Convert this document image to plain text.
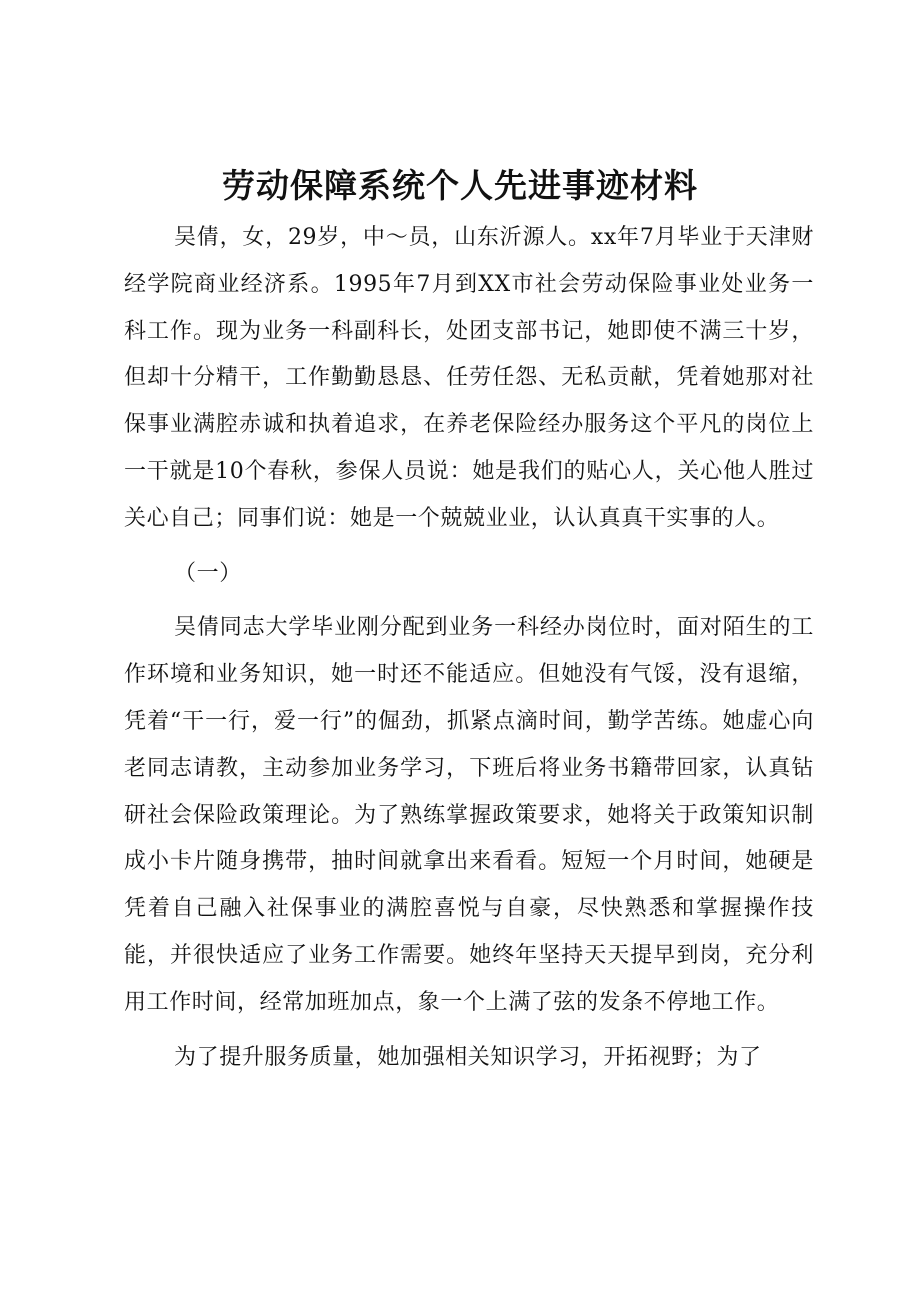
劳动保障系统个人先进事迹材料

吴倩，女，29岁，中～员，山东沂源人。xx年7月毕业于天津财经学院商业经济系。1995年7月到XX市社会劳动保险事业处业务一科工作。现为业务一科副科长，处团支部书记，她即使不满三十岁，但却十分精干，工作勤勤恳恳、任劳任怨、无私贡献，凭着她那对社保事业满腔赤诚和执着追求，在养老保险经办服务这个平凡的岗位上一干就是10个春秋，参保人员说：她是我们的贴心人，关心他人胜过关心自己；同事们说：她是一个兢兢业业，认认真真干实事的人。

（一）

吴倩同志大学毕业刚分配到业务一科经办岗位时，面对陌生的工作环境和业务知识，她一时还不能适应。但她没有气馁，没有退缩，凭着“干一行，爱一行”的倔劲，抓紧点滴时间，勤学苦练。她虚心向老同志请教，主动参加业务学习，下班后将业务书籍带回家，认真钻研社会保险政策理论。为了熟练掌握政策要求，她将关于政策知识制成小卡片随身携带，抽时间就拿出来看看。短短一个月时间，她硬是凭着自己融入社保事业的满腔喜悦与自豪，尽快熟悉和掌握操作技能，并很快适应了业务工作需要。她终年坚持天天提早到岗，充分利用工作时间，经常加班加点，象一个上满了弦的发条不停地工作。

为了提升服务质量，她加强相关知识学习，开拓视野；为了
